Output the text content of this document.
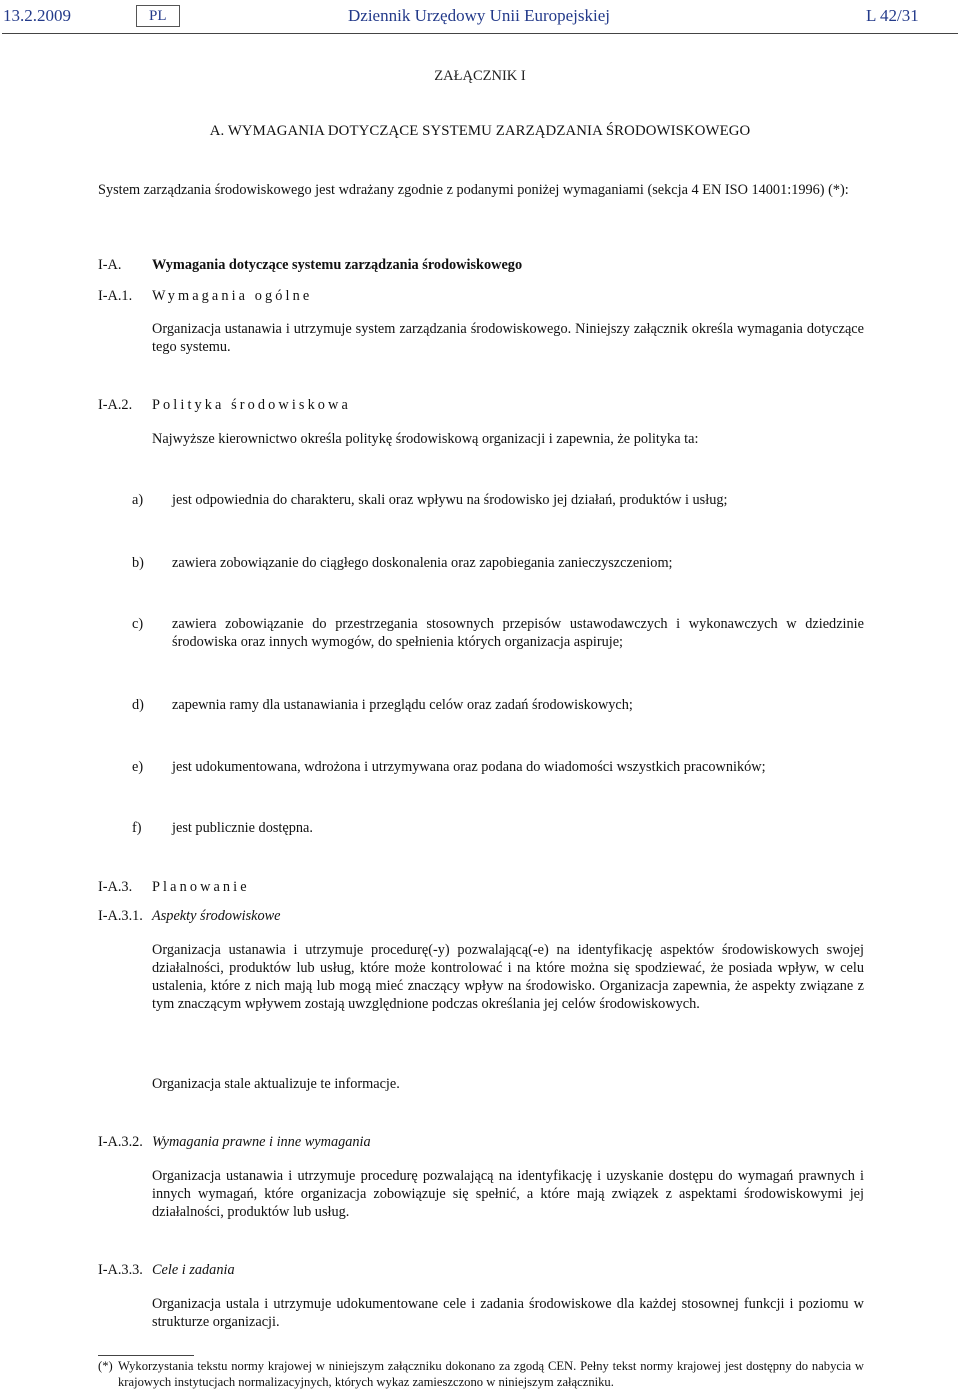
13.2.2009	PL	Dziennik Urzędowy Unii Europejskiej	L 42/31
ZAŁĄCZNIK I
A. WYMAGANIA DOTYCZĄCE SYSTEMU ZARZĄDZANIA ŚRODOWISKOWEGO
System zarządzania środowiskowego jest wdrażany zgodnie z podanymi poniżej wymaganiami (sekcja 4 EN ISO 14001:1996) (*):
I-A. Wymagania dotyczące systemu zarządzania środowiskowego
I-A.1. Wymagania ogólne
Organizacja ustanawia i utrzymuje system zarządzania środowiskowego. Niniejszy załącznik określa wymagania dotyczące tego systemu.
I-A.2. Polityka środowiskowa
Najwyższe kierownictwo określa politykę środowiskową organizacji i zapewnia, że polityka ta:
a) jest odpowiednia do charakteru, skali oraz wpływu na środowisko jej działań, produktów i usług;
b) zawiera zobowiązanie do ciągłego doskonalenia oraz zapobiegania zanieczyszczeniom;
c) zawiera zobowiązanie do przestrzegania stosownych przepisów ustawodawczych i wykonawczych w dziedzinie środowiska oraz innych wymogów, do spełnienia których organizacja aspiruje;
d) zapewnia ramy dla ustanawiania i przeglądu celów oraz zadań środowiskowych;
e) jest udokumentowana, wdrożona i utrzymywana oraz podana do wiadomości wszystkich pracowników;
f) jest publicznie dostępna.
I-A.3. Planowanie
I-A.3.1. Aspekty środowiskowe
Organizacja ustanawia i utrzymuje procedurę(-y) pozwalającą(-e) na identyfikację aspektów środowiskowych swojej działalności, produktów lub usług, które może kontrolować i na które można się spodziewać, że posiada wpływ, w celu ustalenia, które z nich mają lub mogą mieć znaczący wpływ na środowisko. Organizacja zapewnia, że aspekty związane z tym znaczącym wpływem zostają uwzględnione podczas określania jej celów środowiskowych.
Organizacja stale aktualizuje te informacje.
I-A.3.2. Wymagania prawne i inne wymagania
Organizacja ustanawia i utrzymuje procedurę pozwalającą na identyfikację i uzyskanie dostępu do wymagań prawnych i innych wymagań, które organizacja zobowiązuje się spełnić, a które mają związek z aspektami środowiskowymi jej działalności, produktów lub usług.
I-A.3.3. Cele i zadania
Organizacja ustala i utrzymuje udokumentowane cele i zadania środowiskowe dla każdej stosownej funkcji i poziomu w strukturze organizacji.
(*) Wykorzystania tekstu normy krajowej w niniejszym załączniku dokonano za zgodą CEN. Pełny tekst normy krajowej jest dostępny do nabycia w krajowych instytucjach normalizacyjnych, których wykaz zamieszczono w niniejszym załączniku.
